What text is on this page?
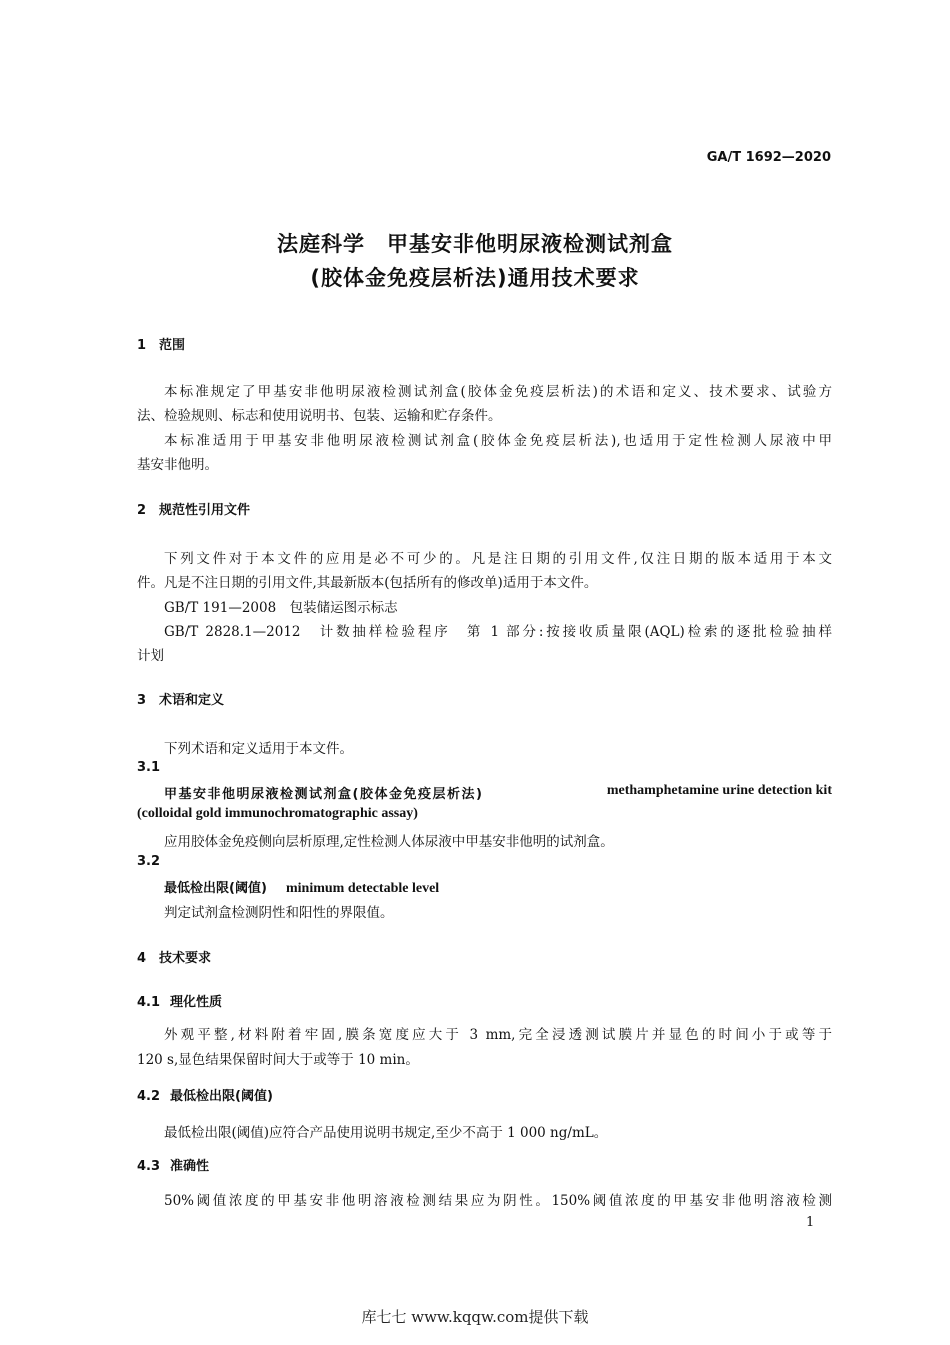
GA/T 1692—2020
法庭科学　甲基安非他明尿液检测试剂盒
(胶体金免疫层析法)通用技术要求
1 范围
本标准规定了甲基安非他明尿液检测试剂盒(胶体金免疫层析法)的术语和定义、技术要求、试验方
法、检验规则、标志和使用说明书、包装、运输和贮存条件。
本标准适用于甲基安非他明尿液检测试剂盒(胶体金免疫层析法),也适用于定性检测人尿液中甲
基安非他明。
2 规范性引用文件
下列文件对于本文件的应用是必不可少的。凡是注日期的引用文件,仅注日期的版本适用于本文
件。凡是不注日期的引用文件,其最新版本(包括所有的修改单)适用于本文件。
GB/T 191—2008　包装储运图示标志
GB/T 2828.1—2012　计数抽样检验程序　第 1 部分:按接收质量限(AQL)检索的逐批检验抽样
计划
3 术语和定义
下列术语和定义适用于本文件。
3.1
甲基安非他明尿液检测试剂盒(胶体金免疫层析法)	methamphetamine urine detection kit
(colloidal gold immunochromatographic assay)
应用胶体金免疫侧向层析原理,定性检测人体尿液中甲基安非他明的试剂盒。
3.2
最低检出限(阈值) minimum detectable level
判定试剂盒检测阴性和阳性的界限值。
4 技术要求
4.1 理化性质
外观平整,材料附着牢固,膜条宽度应大于 3 mm,完全浸透测试膜片并显色的时间小于或等于
120 s,显色结果保留时间大于或等于 10 min。
4.2 最低检出限(阈值)
最低检出限(阈值)应符合产品使用说明书规定,至少不高于 1 000 ng/mL。
4.3 准确性
50%阈值浓度的甲基安非他明溶液检测结果应为阴性。150%阈值浓度的甲基安非他明溶液检测
1
库七七 www.kqqw.com提供下载
